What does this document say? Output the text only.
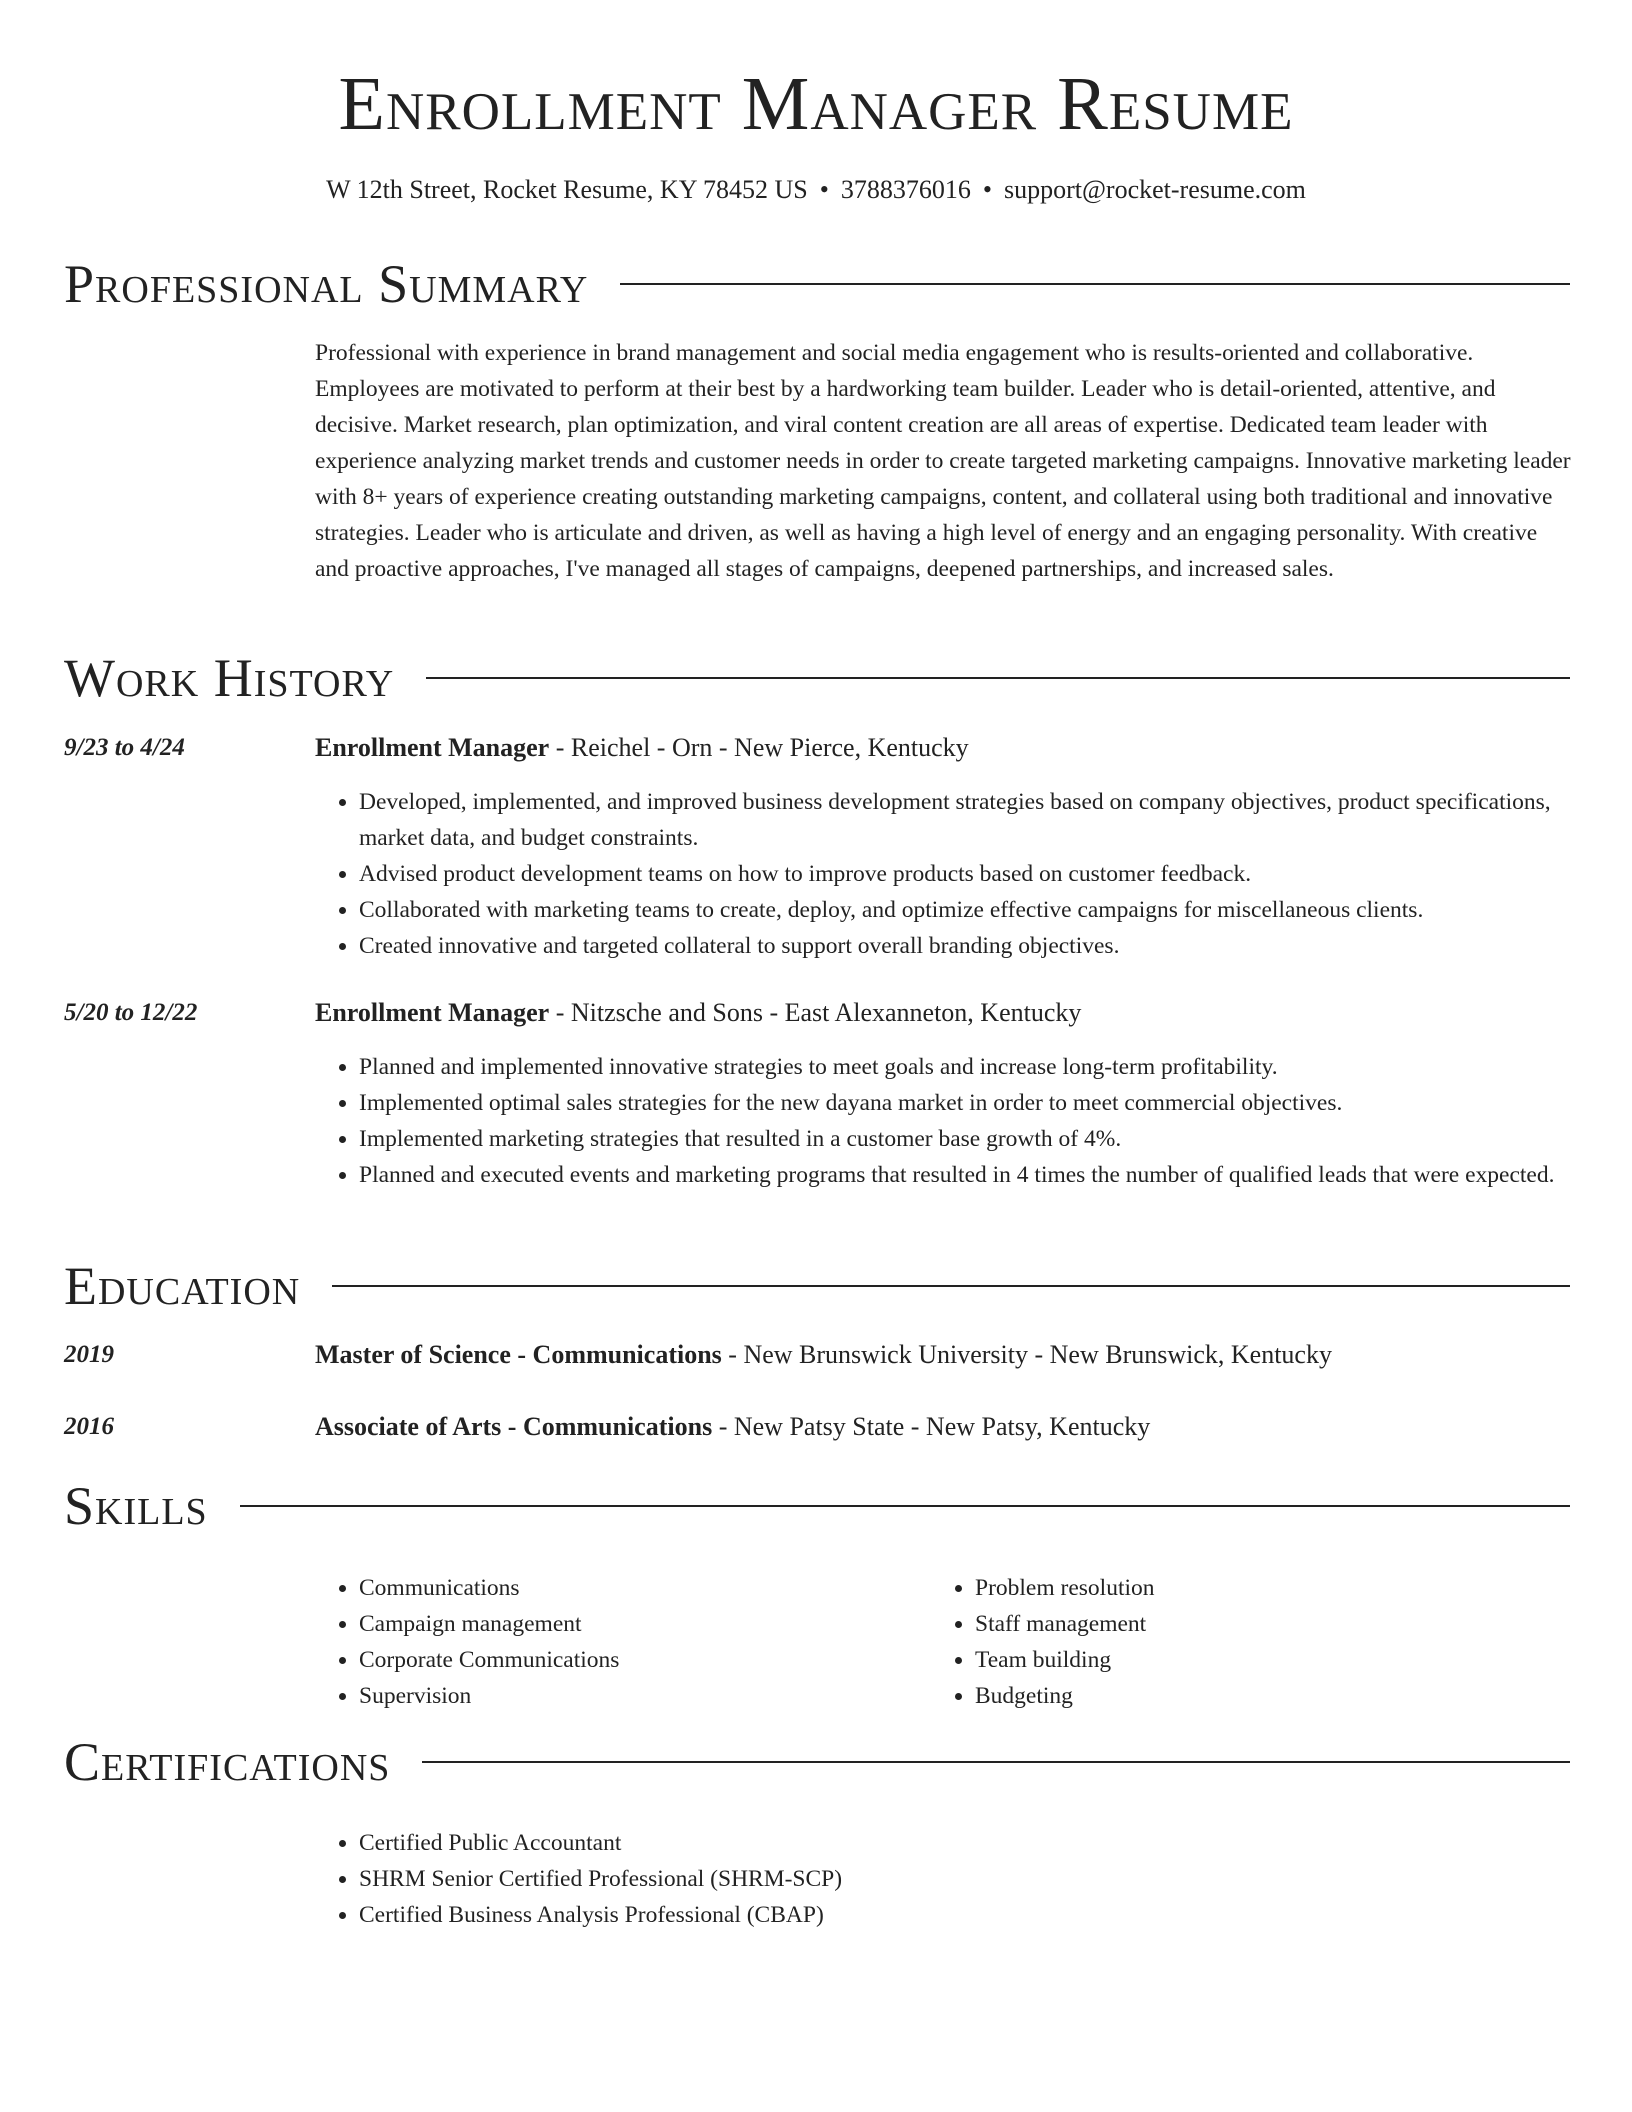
Enrollment Manager Resume
W 12th Street, Rocket Resume, KY 78452 US • 3788376016 • support@rocket-resume.com
Professional Summary

Professional with experience in brand management and social media engagement who is results-oriented and collaborative. Employees are motivated to perform at their best by a hardworking team builder. Leader who is detail-oriented, attentive, and decisive. Market research, plan optimization, and viral content creation are all areas of expertise. Dedicated team leader with experience analyzing market trends and customer needs in order to create targeted marketing campaigns. Innovative marketing leader with 8+ years of experience creating outstanding marketing campaigns, content, and collateral using both traditional and innovative strategies. Leader who is articulate and driven, as well as having a high level of energy and an engaging personality. With creative and proactive approaches, I've managed all stages of campaigns, deepened partnerships, and increased sales.

Work History
9/23 to 4/24	Enrollment Manager - Reichel - Orn - New Pierce, Kentucky
• Developed, implemented, and improved business development strategies based on company objectives, product specifications, market data, and budget constraints.
• Advised product development teams on how to improve products based on customer feedback.
• Collaborated with marketing teams to create, deploy, and optimize effective campaigns for miscellaneous clients.
• Created innovative and targeted collateral to support overall branding objectives.
5/20 to 12/22	Enrollment Manager - Nitzsche and Sons - East Alexanneton, Kentucky
• Planned and implemented innovative strategies to meet goals and increase long-term profitability.
• Implemented optimal sales strategies for the new dayana market in order to meet commercial objectives.
• Implemented marketing strategies that resulted in a customer base growth of 4%.
• Planned and executed events and marketing programs that resulted in 4 times the number of qualified leads that were expected.
Education
2019	Master of Science - Communications - New Brunswick University - New Brunswick, Kentucky
2016	Associate of Arts - Communications - New Patsy State - New Patsy, Kentucky
Skills
• Communications
• Campaign management
• Corporate Communications
• Supervision
• Problem resolution
• Staff management
• Team building
• Budgeting
Certifications
• Certified Public Accountant
• SHRM Senior Certified Professional (SHRM-SCP)
• Certified Business Analysis Professional (CBAP)
